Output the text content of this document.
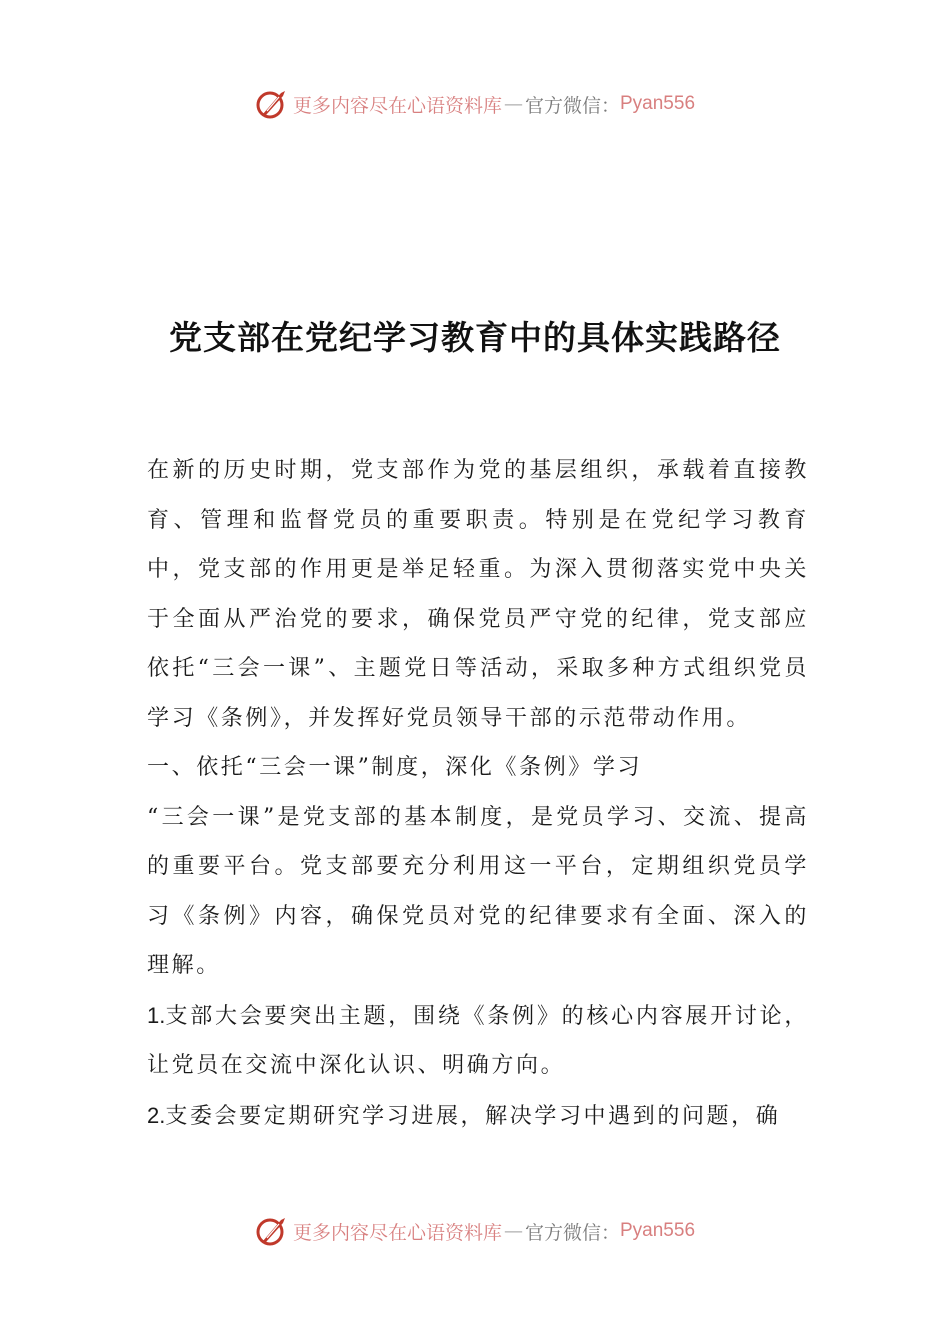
更多内容尽在心语资料库 — 官方微信： Pyan556
党支部在党纪学习教育中的具体实践路径

在新的历史时期，党支部作为党的基层组织，承载着直接教育、管理和监督党员的重要职责。特别是在党纪学习教育中，党支部的作用更是举足轻重。为深入贯彻落实党中央关于全面从严治党的要求，确保党员严守党的纪律，党支部应依托“三会一课”、主题党日等活动，采取多种方式组织党员学习《条例》，并发挥好党员领导干部的示范带动作用。

一、依托“三会一课”制度，深化《条例》学习

“三会一课”是党支部的基本制度，是党员学习、交流、提高的重要平台。党支部要充分利用这一平台，定期组织党员学习《条例》内容，确保党员对党的纪律要求有全面、深入的理解。

1.支部大会要突出主题，围绕《条例》的核心内容展开讨论，让党员在交流中深化认识、明确方向。

2.支委会要定期研究学习进展，解决学习中遇到的问题，确

更多内容尽在心语资料库 — 官方微信： Pyan556
